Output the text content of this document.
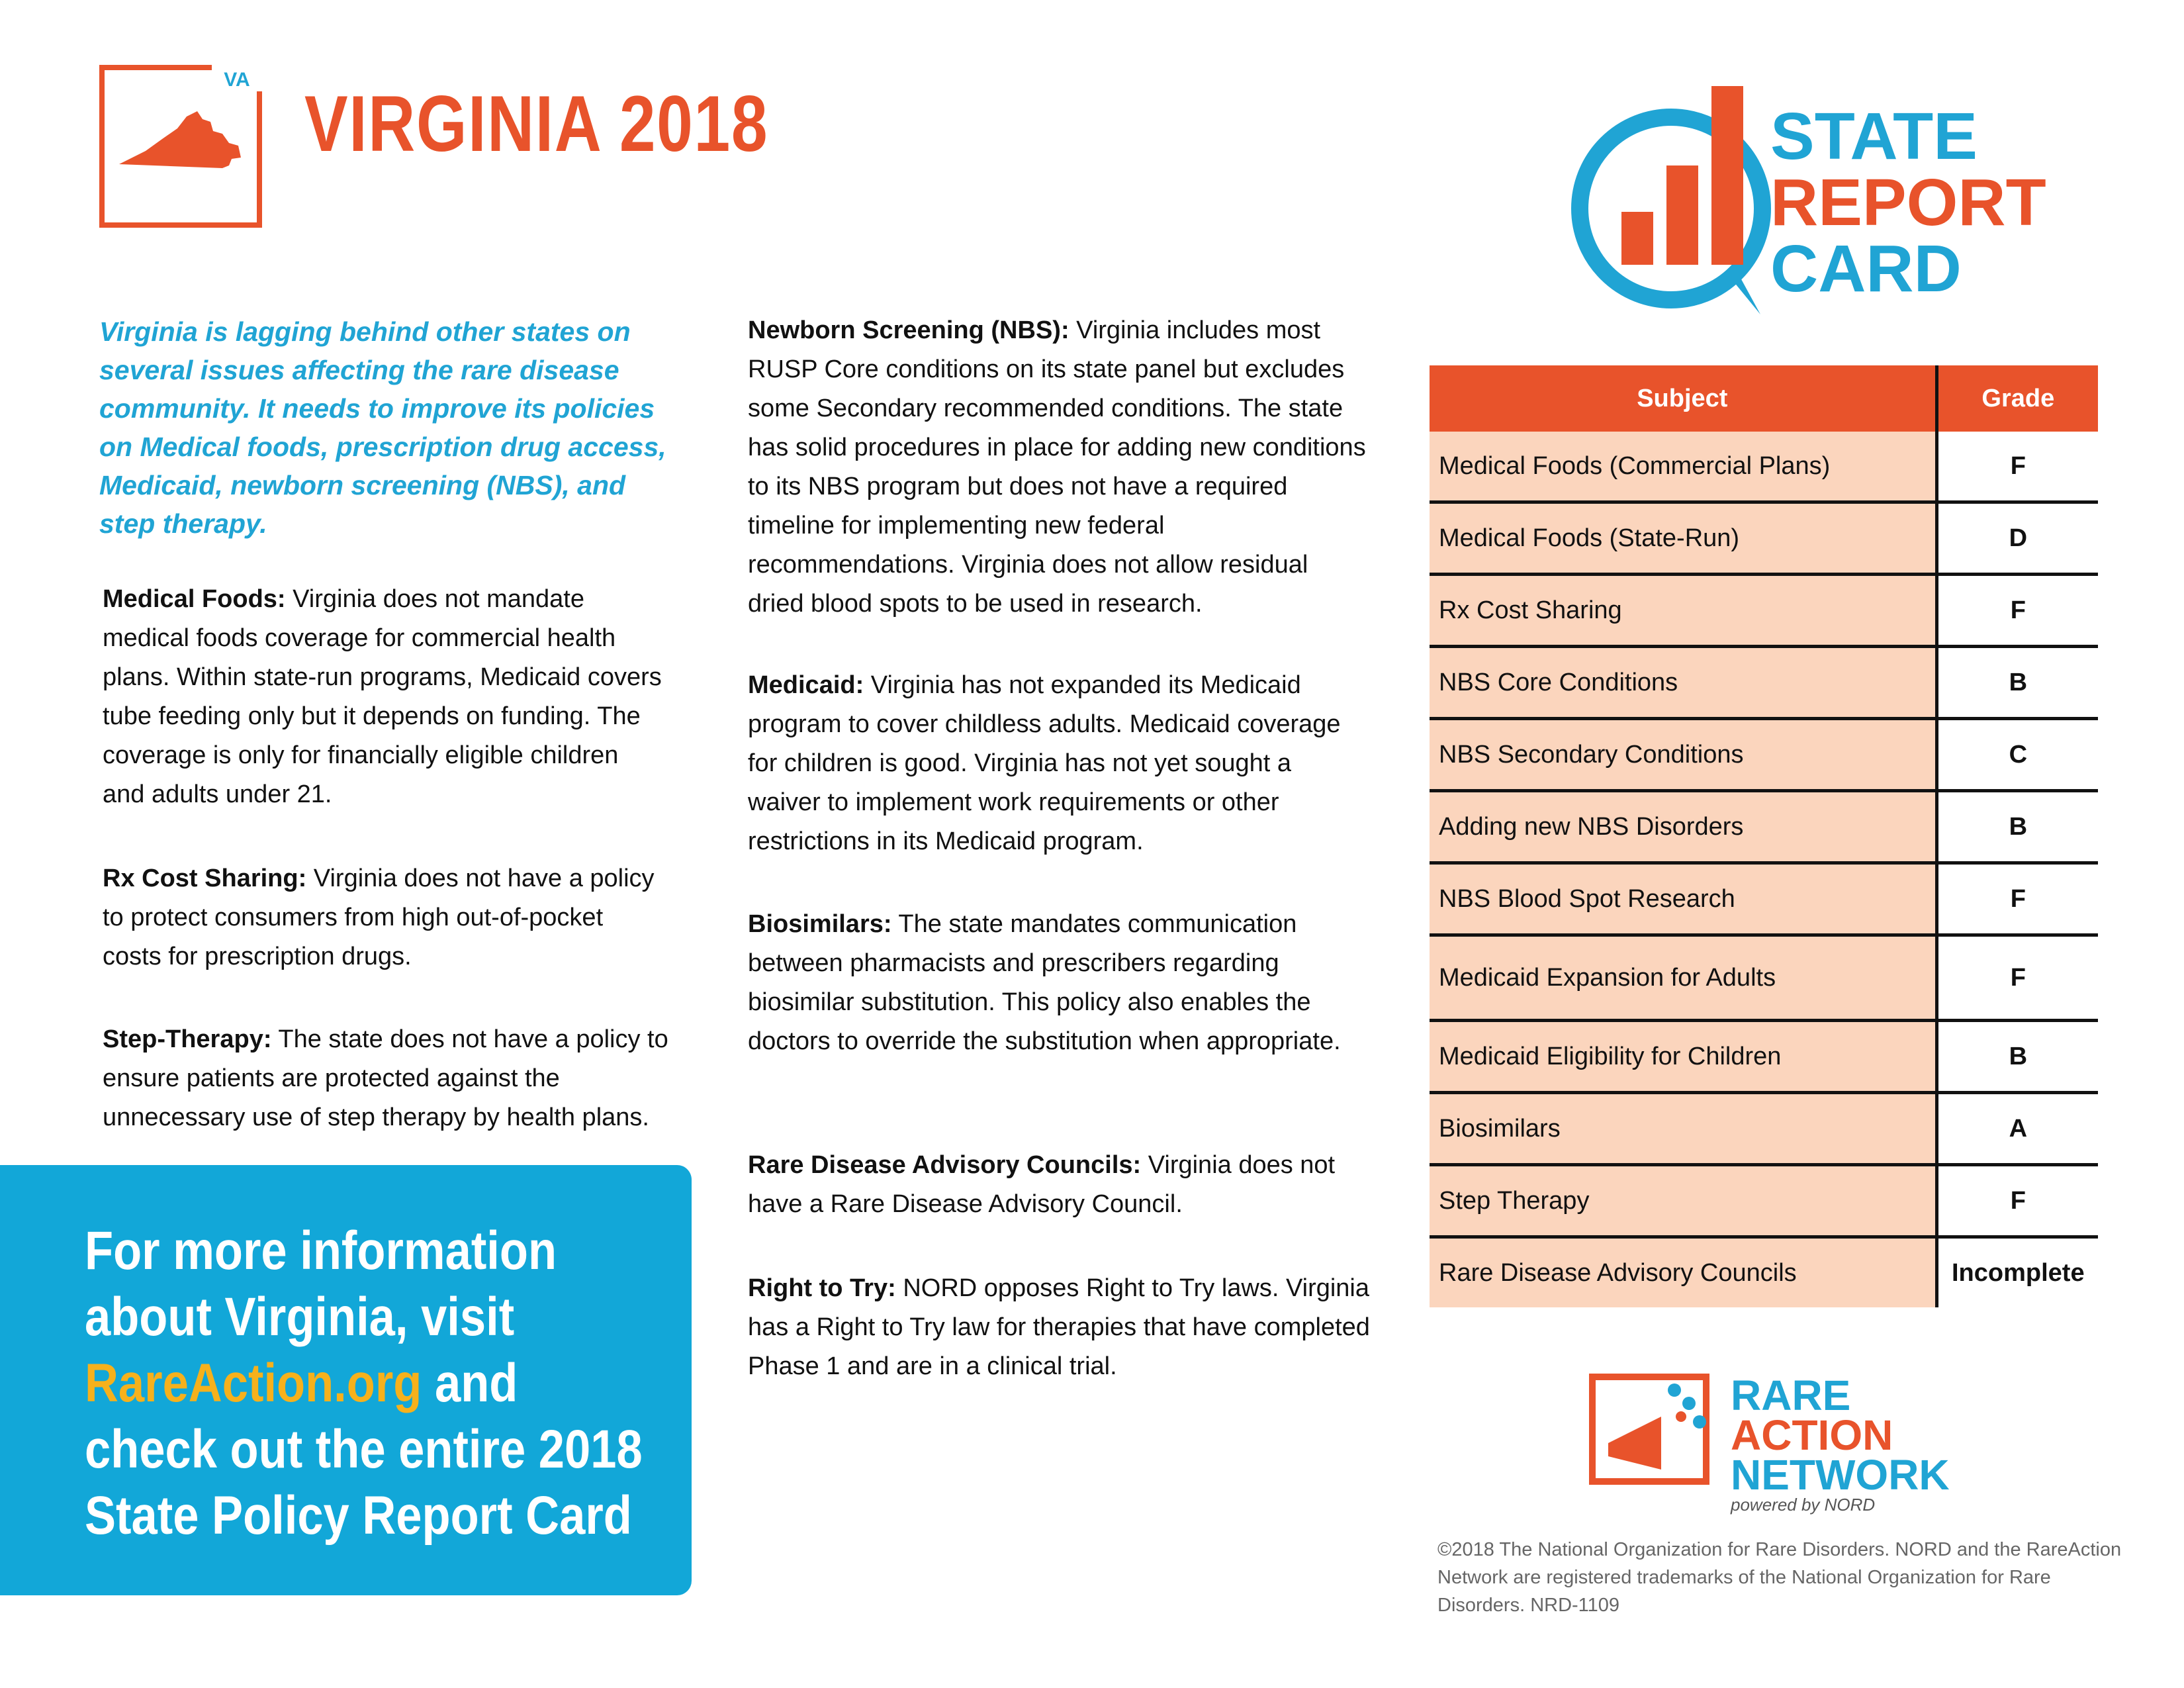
VA VIRGINIA 2018
Virginia is lagging behind other states on several issues affecting the rare disease community. It needs to improve its policies on Medical foods, prescription drug access, Medicaid, newborn screening (NBS), and step therapy.
Medical Foods: Virginia does not mandate medical foods coverage for commercial health plans. Within state-run programs, Medicaid covers tube feeding only but it depends on funding. The coverage is only for financially eligible children and adults under 21.
Rx Cost Sharing: Virginia does not have a policy to protect consumers from high out-of-pocket costs for prescription drugs.
Step-Therapy: The state does not have a policy to ensure patients are protected against the unnecessary use of step therapy by health plans.
Newborn Screening (NBS): Virginia includes most RUSP Core conditions on its state panel but excludes some Secondary recommended conditions. The state has solid procedures in place for adding new conditions to its NBS program but does not have a required timeline for implementing new federal recommendations. Virginia does not allow residual dried blood spots to be used in research.
Medicaid: Virginia has not expanded its Medicaid program to cover childless adults. Medicaid coverage for children is good. Virginia has not yet sought a waiver to implement work requirements or other restrictions in its Medicaid program.
Biosimilars: The state mandates communication between pharmacists and prescribers regarding biosimilar substitution. This policy also enables the doctors to override the substitution when appropriate.
Rare Disease Advisory Councils: Virginia does not have a Rare Disease Advisory Council.
Right to Try: NORD opposes Right to Try laws. Virginia has a Right to Try law for therapies that have completed Phase 1 and are in a clinical trial.
For more information about Virginia, visit RareAction.org and check out the entire 2018 State Policy Report Card
STATE
REPORT
CARD
Subject	Grade
Medical Foods (Commercial Plans)	F
Medical Foods (State-Run)	D
Rx Cost Sharing	F
NBS Core Conditions	B
NBS Secondary Conditions	C
Adding new NBS Disorders	B
NBS Blood Spot Research	F
Medicaid Expansion for Adults	F
Medicaid Eligibility for Children	B
Biosimilars	A
Step Therapy	F
Rare Disease Advisory Councils	Incomplete
RARE
ACTION
NETWORK
powered by NORD
©2018 The National Organization for Rare Disorders. NORD and the RareAction Network are registered trademarks of the National Organization for Rare Disorders. NRD-1109
